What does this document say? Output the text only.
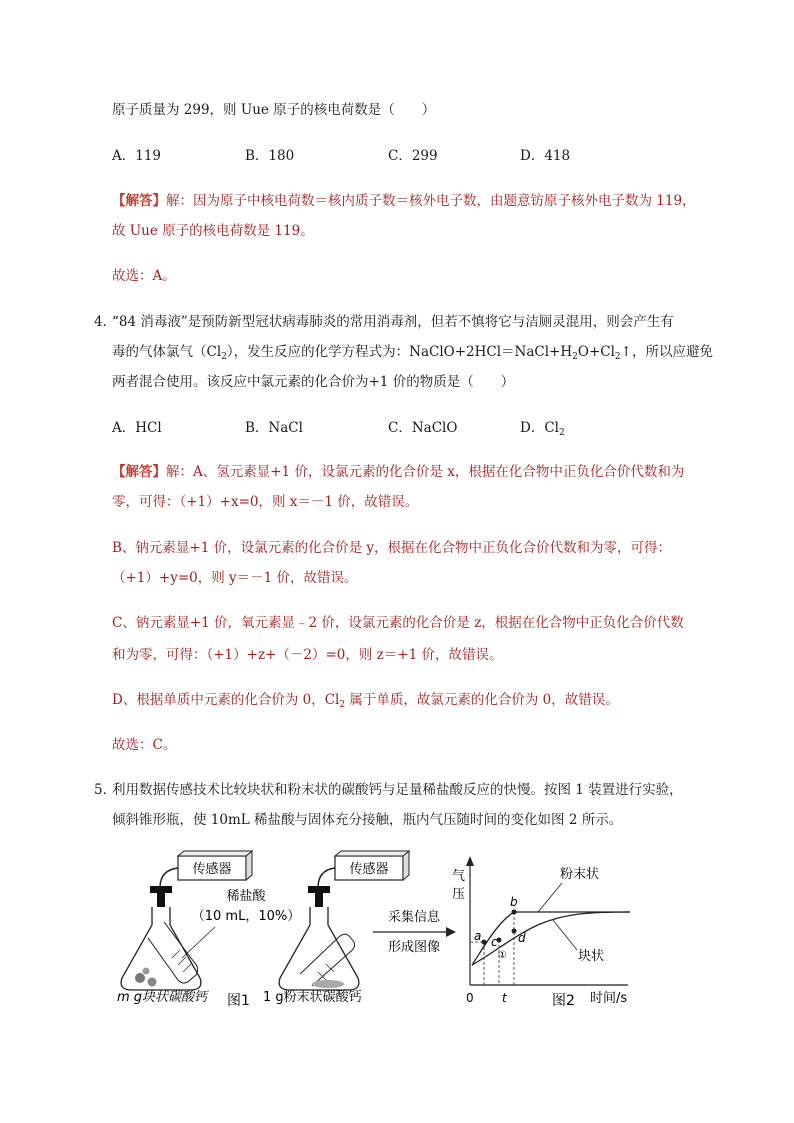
原子质量为 299，则 Uue 原子的核电荷数是（　　）
A．119	B．180	C．299	D．418
【解答】解：因为原子中核电荷数＝核内质子数＝核外电子数，由题意钫原子核外电子数为 119，
故 Uue 原子的核电荷数是 119。
故选：A。
4．
“84 消毒液”是预防新型冠状病毒肺炎的常用消毒剂，但若不慎将它与洁厕灵混用，则会产生有
毒的气体氯气$(Cl_2)$，发生反应的化学方程式为：$NaClO+2HCl=NaCl+H_2O+Cl_2↑$，所以应避免
两者混合使用。该反应中氯元素的化合价为+1 价的物质是（　　）
A．HCl	B．NaCl	C．NaClO	D．$Cl_2$
【解答】解：A、氢元素显+1 价，设氯元素的化合价是 x，根据在化合物中正负化合价代数和为
零，可得：（+1）+x=0，则 x＝－1 价，故错误。
B、钠元素显+1 价，设氯元素的化合价是 y，根据在化合物中正负化合价代数和为零，可得：
（+1）+y=0，则 y＝－1 价，故错误。
C、钠元素显+1 价，氧元素显﹣2 价，设氯元素的化合价是 z，根据在化合物中正负化合价代数
和为零，可得：（+1）+z+（－2）=0，则 z＝+1 价，故错误。
D、根据单质中元素的化合价为 0，$Cl_2$ 属于单质，故氯元素的化合价为 0，故错误。
故选：C。
5．
利用数据传感技术比较块状和粉末状的碳酸钙与足量稀盐酸反应的快慢。按图 1 装置进行实验，
倾斜锥形瓶，使 10mL 稀盐酸与固体充分接触，瓶内气压随时间的变化如图 2 所示。
传感器	传感器
稀盐酸
（10 mL，10%）
m g块状碳酸钙 图1 1 g粉末状碳酸钙
采集信息
形成图像
气
压
时间/s
0 t	图2
a c
b
d
①
粉末状
块状
